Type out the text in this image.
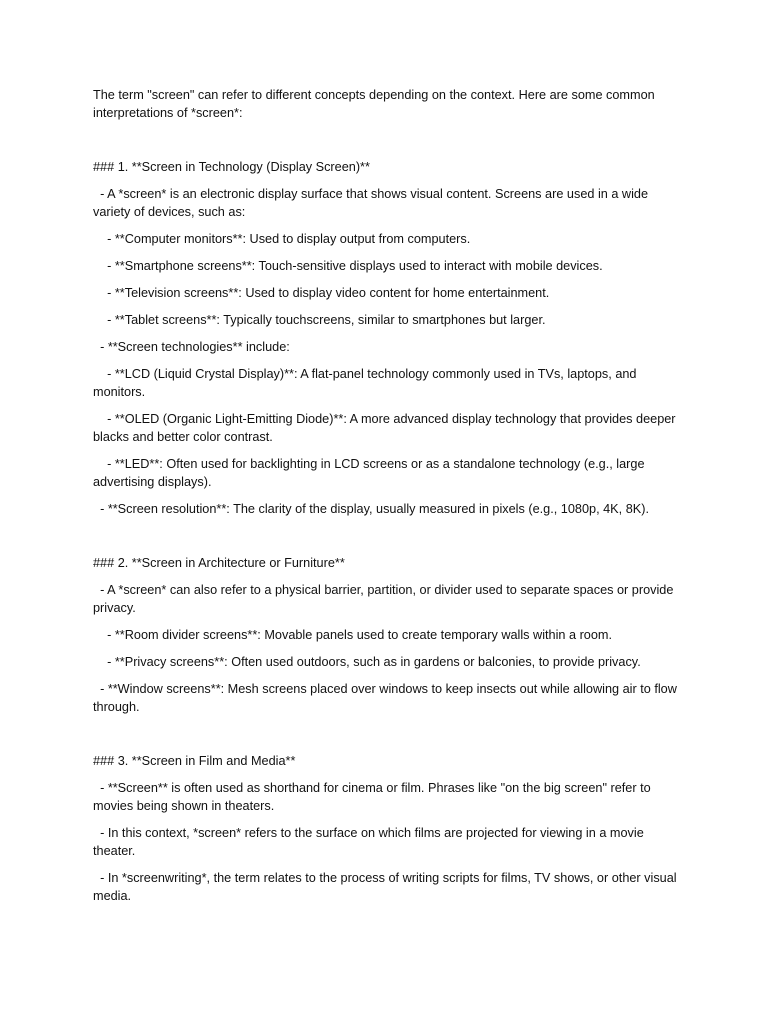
The term "screen" can refer to different concepts depending on the context. Here are some common interpretations of *screen*:

### 1. **Screen in Technology (Display Screen)**

- A *screen* is an electronic display surface that shows visual content. Screens are used in a wide variety of devices, such as:

- **Computer monitors**: Used to display output from computers.

- **Smartphone screens**: Touch-sensitive displays used to interact with mobile devices.

- **Television screens**: Used to display video content for home entertainment.

- **Tablet screens**: Typically touchscreens, similar to smartphones but larger.

- **Screen technologies** include:

- **LCD (Liquid Crystal Display)**: A flat-panel technology commonly used in TVs, laptops, and monitors.

- **OLED (Organic Light-Emitting Diode)**: A more advanced display technology that provides deeper blacks and better color contrast.

- **LED**: Often used for backlighting in LCD screens or as a standalone technology (e.g., large advertising displays).

- **Screen resolution**: The clarity of the display, usually measured in pixels (e.g., 1080p, 4K, 8K).

### 2. **Screen in Architecture or Furniture**

- A *screen* can also refer to a physical barrier, partition, or divider used to separate spaces or provide privacy.

- **Room divider screens**: Movable panels used to create temporary walls within a room.

- **Privacy screens**: Often used outdoors, such as in gardens or balconies, to provide privacy.

- **Window screens**: Mesh screens placed over windows to keep insects out while allowing air to flow through.

### 3. **Screen in Film and Media**

- **Screen** is often used as shorthand for cinema or film. Phrases like "on the big screen" refer to movies being shown in theaters.

- In this context, *screen* refers to the surface on which films are projected for viewing in a movie theater.

- In *screenwriting*, the term relates to the process of writing scripts for films, TV shows, or other visual media.
